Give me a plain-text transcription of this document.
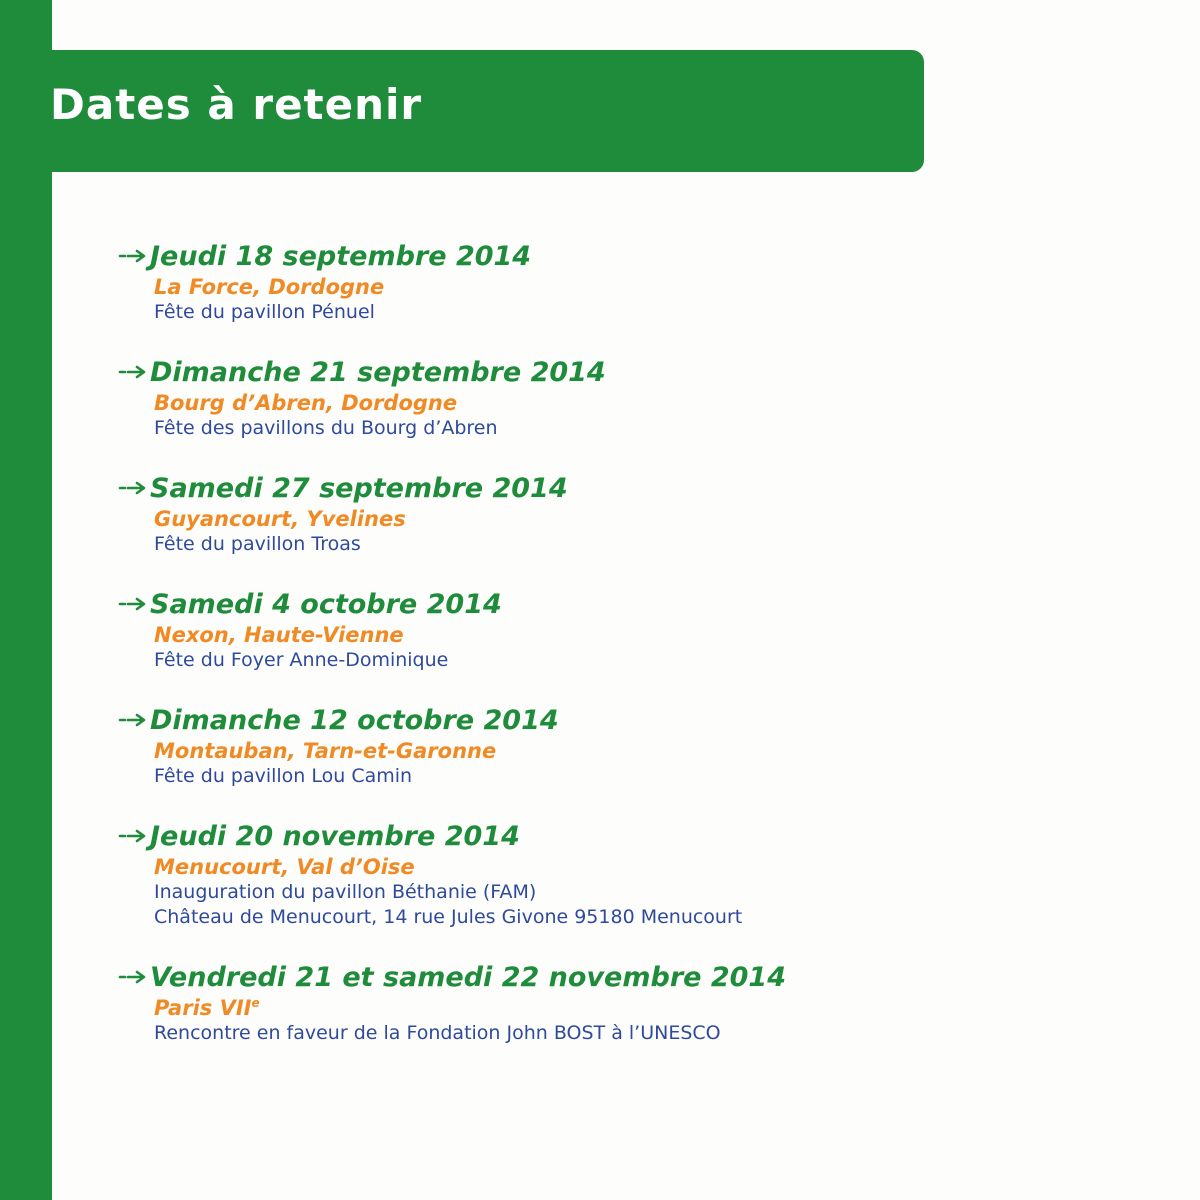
Dates à retenir
Jeudi 18 septembre 2014
La Force, Dordogne
Fête du pavillon Pénuel
Dimanche 21 septembre 2014
Bourg d’Abren, Dordogne
Fête des pavillons du Bourg d’Abren
Samedi 27 septembre 2014
Guyancourt, Yvelines
Fête du pavillon Troas
Samedi 4 octobre 2014
Nexon, Haute-Vienne
Fête du Foyer Anne-Dominique
Dimanche 12 octobre 2014
Montauban, Tarn-et-Garonne
Fête du pavillon Lou Camin
Jeudi 20 novembre 2014
Menucourt, Val d’Oise
Inauguration du pavillon Béthanie (FAM)
Château de Menucourt, 14 rue Jules Givone 95180 Menucourt
Vendredi 21 et samedi 22 novembre 2014
Paris VIIe
Rencontre en faveur de la Fondation John BOST à l’UNESCO
